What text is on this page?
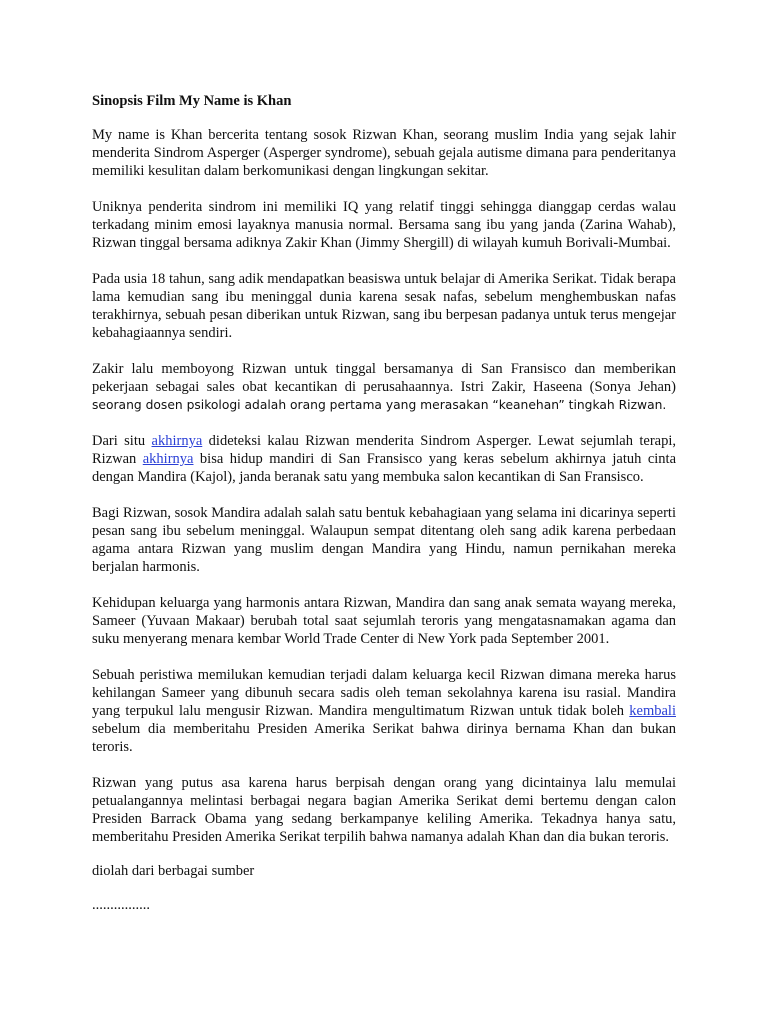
Sinopsis Film My Name is Khan

My name is Khan bercerita tentang sosok Rizwan Khan, seorang muslim India yang sejak lahir menderita Sindrom Asperger (Asperger syndrome), sebuah gejala autisme dimana para penderitanya memiliki kesulitan dalam berkomunikasi dengan lingkungan sekitar.

Uniknya penderita sindrom ini memiliki IQ yang relatif tinggi sehingga dianggap cerdas walau terkadang minim emosi layaknya manusia normal. Bersama sang ibu yang janda (Zarina Wahab), Rizwan tinggal bersama adiknya Zakir Khan (Jimmy Shergill) di wilayah kumuh Borivali-Mumbai.

Pada usia 18 tahun, sang adik mendapatkan beasiswa untuk belajar di Amerika Serikat. Tidak berapa lama kemudian sang ibu meninggal dunia karena sesak nafas, sebelum menghembuskan nafas terakhirnya, sebuah pesan diberikan untuk Rizwan, sang ibu berpesan padanya untuk terus mengejar kebahagiaannya sendiri.

Zakir lalu memboyong Rizwan untuk tinggal bersamanya di San Fransisco dan memberikan pekerjaan sebagai sales obat kecantikan di perusahaannya. Istri Zakir, Haseena (Sonya Jehan) seorang dosen psikologi adalah orang pertama yang merasakan “keanehan” tingkah Rizwan.

Dari situ akhirnya dideteksi kalau Rizwan menderita Sindrom Asperger. Lewat sejumlah terapi, Rizwan akhirnya bisa hidup mandiri di San Fransisco yang keras sebelum akhirnya jatuh cinta dengan Mandira (Kajol), janda beranak satu yang membuka salon kecantikan di San Fransisco.

Bagi Rizwan, sosok Mandira adalah salah satu bentuk kebahagiaan yang selama ini dicarinya seperti pesan sang ibu sebelum meninggal. Walaupun sempat ditentang oleh sang adik karena perbedaan agama antara Rizwan yang muslim dengan Mandira yang Hindu, namun pernikahan mereka berjalan harmonis.

Kehidupan keluarga yang harmonis antara Rizwan, Mandira dan sang anak semata wayang mereka, Sameer (Yuvaan Makaar) berubah total saat sejumlah teroris yang mengatasnamakan agama dan suku menyerang menara kembar World Trade Center di New York pada September 2001.

Sebuah peristiwa memilukan kemudian terjadi dalam keluarga kecil Rizwan dimana mereka harus kehilangan Sameer yang dibunuh secara sadis oleh teman sekolahnya karena isu rasial. Mandira yang terpukul lalu mengusir Rizwan. Mandira mengultimatum Rizwan untuk tidak boleh kembali sebelum dia memberitahu Presiden Amerika Serikat bahwa dirinya bernama Khan dan bukan teroris.

Rizwan yang putus asa karena harus berpisah dengan orang yang dicintainya lalu memulai petualangannya melintasi berbagai negara bagian Amerika Serikat demi bertemu dengan calon Presiden Barrack Obama yang sedang berkampanye keliling Amerika. Tekadnya hanya satu, memberitahu Presiden Amerika Serikat terpilih bahwa namanya adalah Khan dan dia bukan teroris.

diolah dari berbagai sumber

................
